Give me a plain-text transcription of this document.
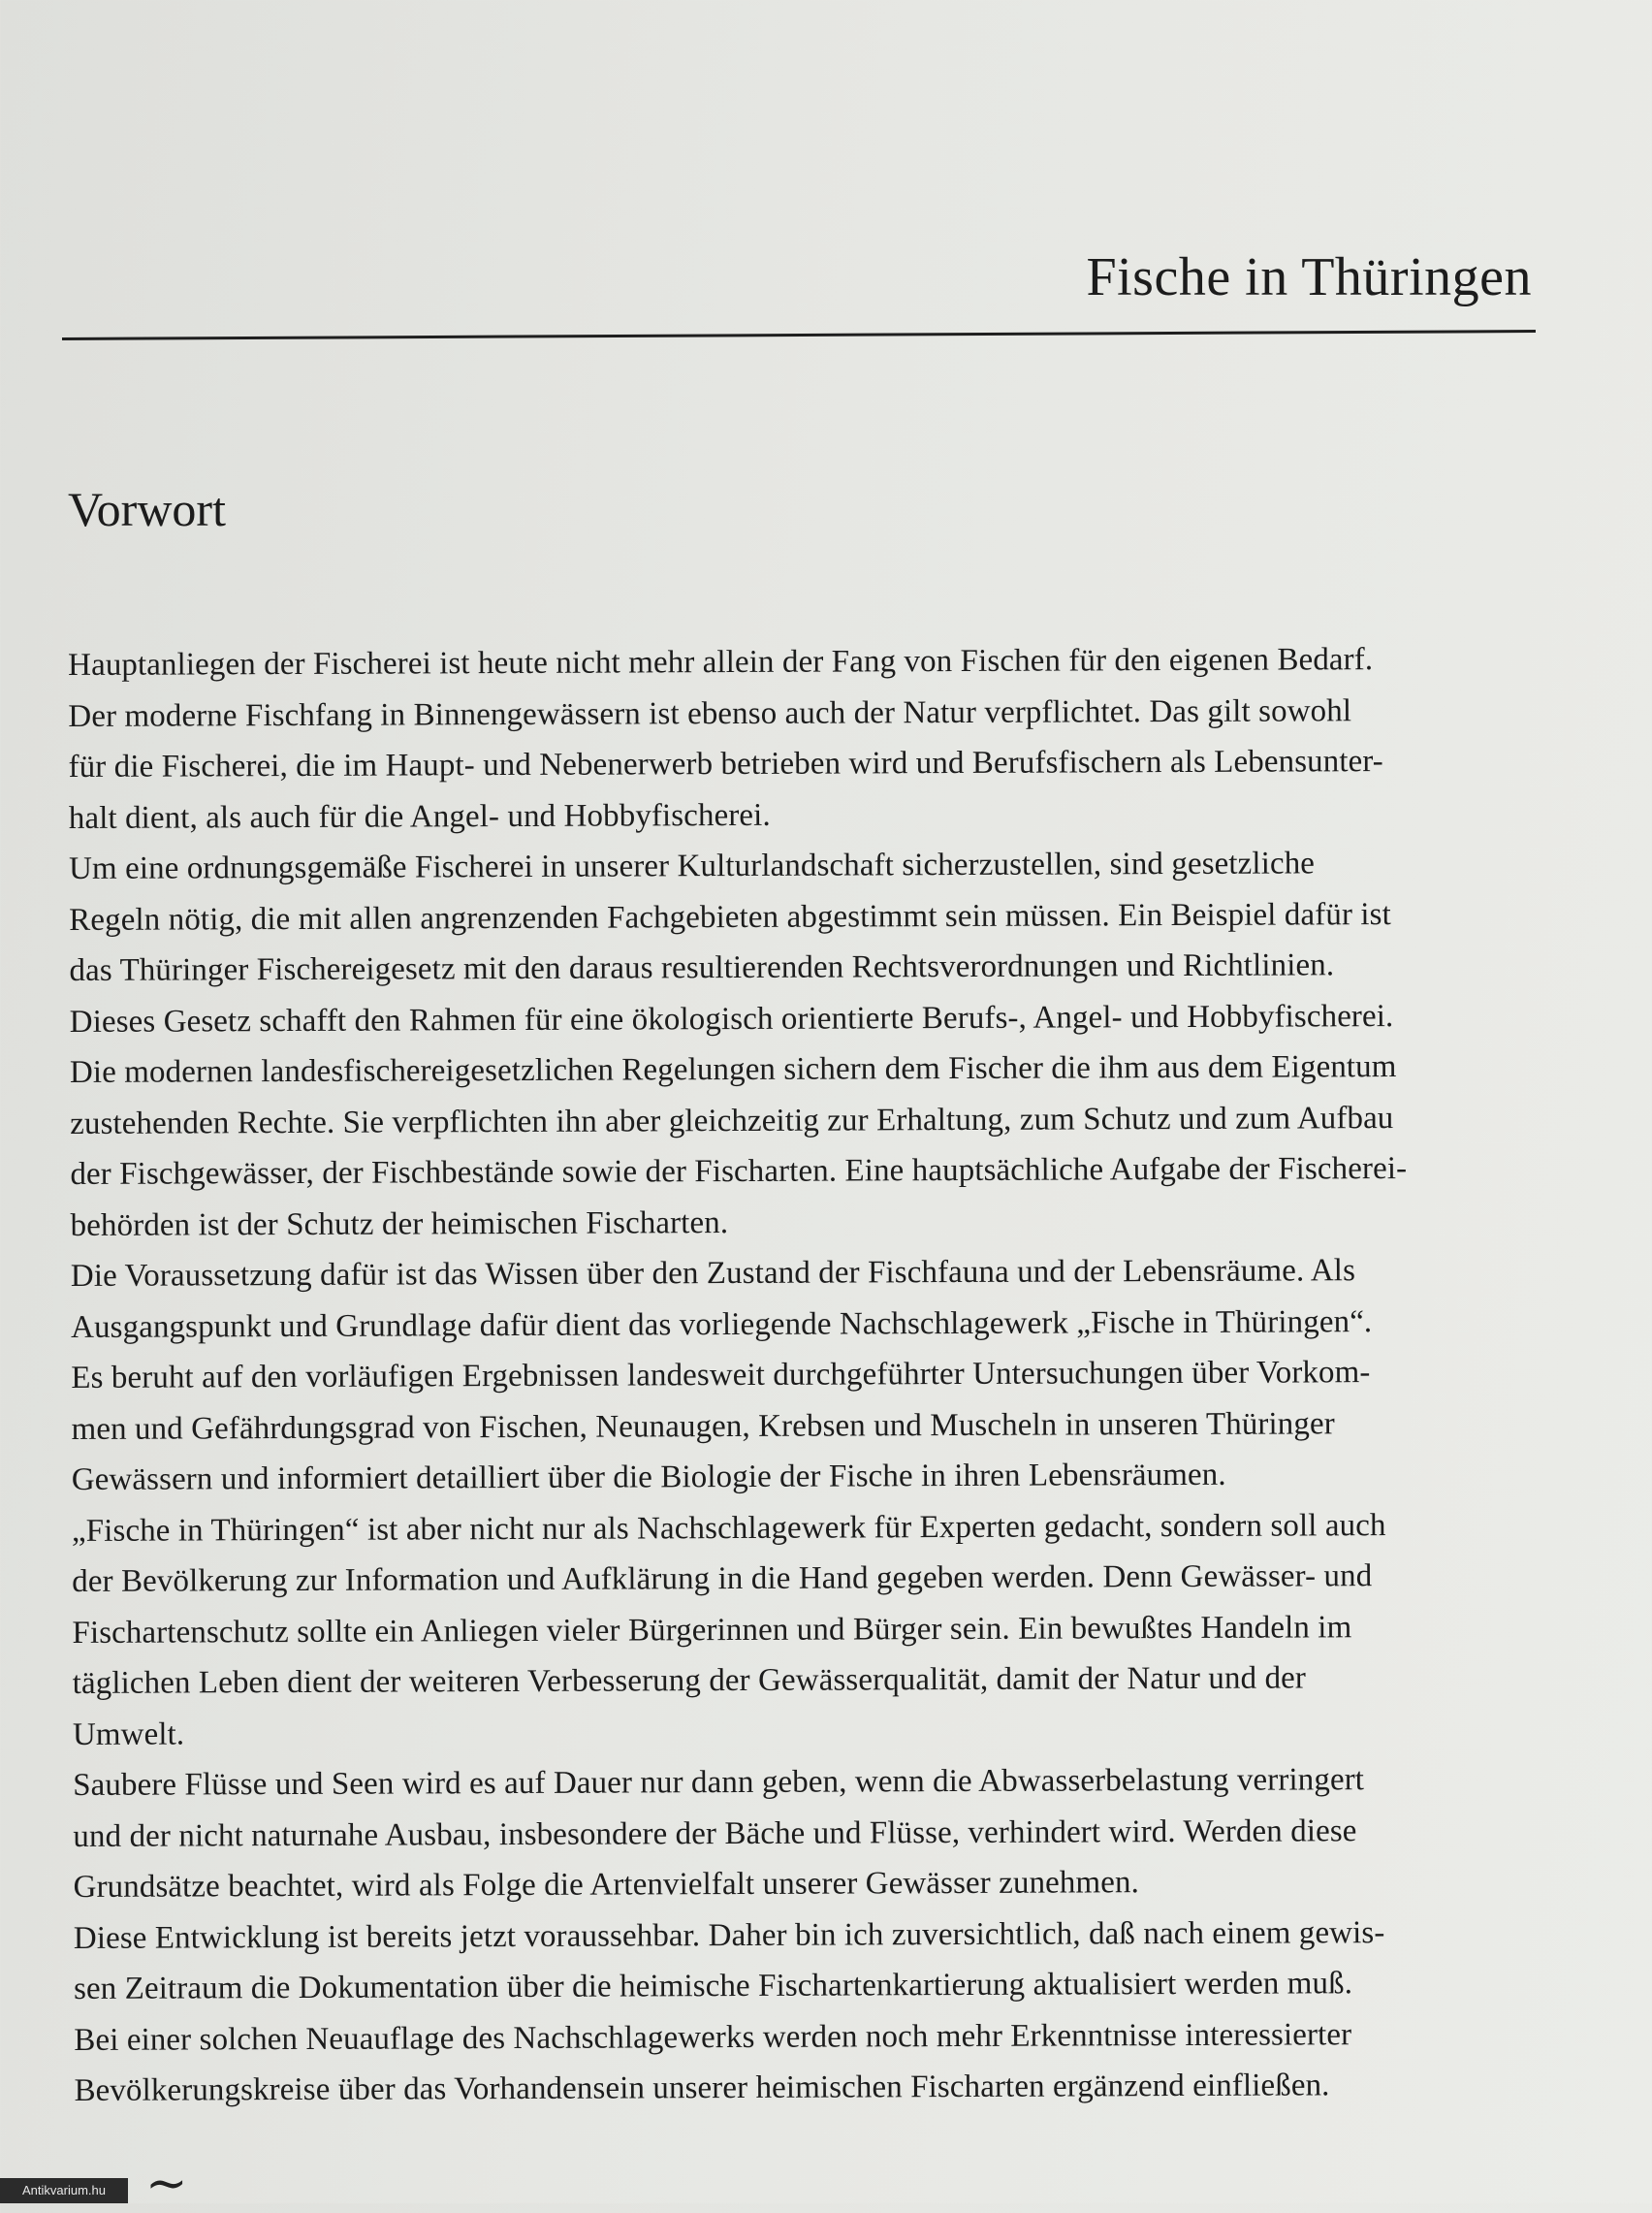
Fische in Thüringen
Vorwort
Hauptanliegen der Fischerei ist heute nicht mehr allein der Fang von Fischen für den eigenen Bedarf.
Der moderne Fischfang in Binnengewässern ist ebenso auch der Natur verpflichtet. Das gilt sowohl
für die Fischerei, die im Haupt- und Nebenerwerb betrieben wird und Berufsfischern als Lebensunter-
halt dient, als auch für die Angel- und Hobbyfischerei.
Um eine ordnungsgemäße Fischerei in unserer Kulturlandschaft sicherzustellen, sind gesetzliche
Regeln nötig, die mit allen angrenzenden Fachgebieten abgestimmt sein müssen. Ein Beispiel dafür ist
das Thüringer Fischereigesetz mit den daraus resultierenden Rechtsverordnungen und Richtlinien.
Dieses Gesetz schafft den Rahmen für eine ökologisch orientierte Berufs-, Angel- und Hobbyfischerei.
Die modernen landesfischereigesetzlichen Regelungen sichern dem Fischer die ihm aus dem Eigentum
zustehenden Rechte. Sie verpflichten ihn aber gleichzeitig zur Erhaltung, zum Schutz und zum Aufbau
der Fischgewässer, der Fischbestände sowie der Fischarten. Eine hauptsächliche Aufgabe der Fischerei-
behörden ist der Schutz der heimischen Fischarten.
Die Voraussetzung dafür ist das Wissen über den Zustand der Fischfauna und der Lebensräume. Als
Ausgangspunkt und Grundlage dafür dient das vorliegende Nachschlagewerk „Fische in Thüringen“.
Es beruht auf den vorläufigen Ergebnissen landesweit durchgeführter Untersuchungen über Vorkom-
men und Gefährdungsgrad von Fischen, Neunaugen, Krebsen und Muscheln in unseren Thüringer
Gewässern und informiert detailliert über die Biologie der Fische in ihren Lebensräumen.
„Fische in Thüringen“ ist aber nicht nur als Nachschlagewerk für Experten gedacht, sondern soll auch
der Bevölkerung zur Information und Aufklärung in die Hand gegeben werden. Denn Gewässer- und
Fischartenschutz sollte ein Anliegen vieler Bürgerinnen und Bürger sein. Ein bewußtes Handeln im
täglichen Leben dient der weiteren Verbesserung der Gewässerqualität, damit der Natur und der
Umwelt.
Saubere Flüsse und Seen wird es auf Dauer nur dann geben, wenn die Abwasserbelastung verringert
und der nicht naturnahe Ausbau, insbesondere der Bäche und Flüsse, verhindert wird. Werden diese
Grundsätze beachtet, wird als Folge die Artenvielfalt unserer Gewässer zunehmen.
Diese Entwicklung ist bereits jetzt voraussehbar. Daher bin ich zuversichtlich, daß nach einem gewis-
sen Zeitraum die Dokumentation über die heimische Fischartenkartierung aktualisiert werden muß.
Bei einer solchen Neuauflage des Nachschlagewerks werden noch mehr Erkenntnisse interessierter
Bevölkerungskreise über das Vorhandensein unserer heimischen Fischarten ergänzend einfließen.
~
Antikvarium.hu
